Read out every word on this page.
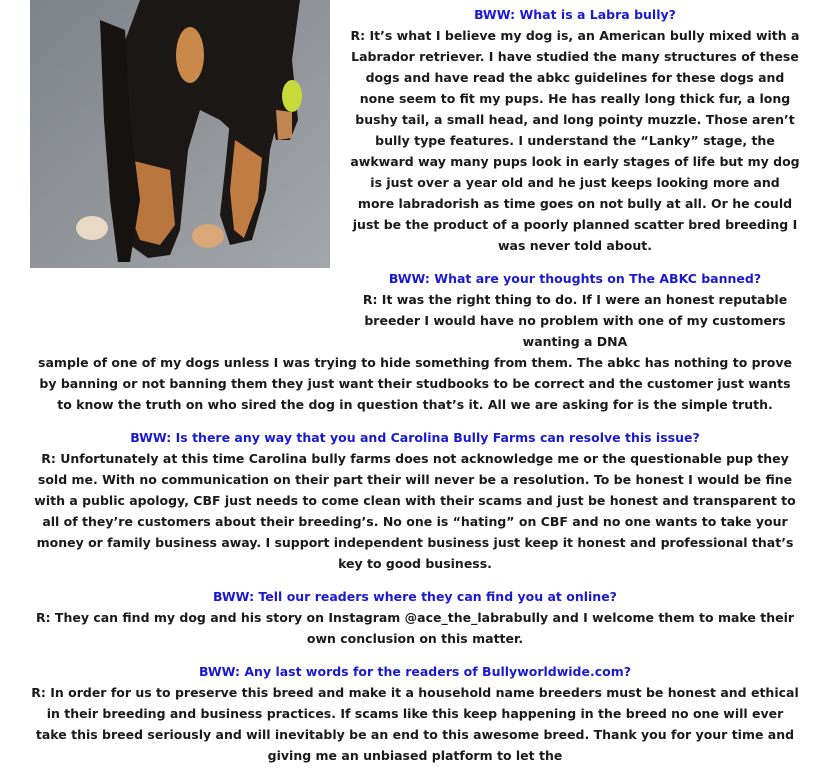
BWW: What is a Labra bully?

R: It’s what I believe my dog is, an American bully mixed with a Labrador retriever. I have studied the many structures of these dogs and have read the abkc guidelines for these dogs and none seem to fit my pups. He has really long thick fur, a long bushy tail, a small head, and long pointy muzzle. Those aren’t bully type features. I understand the “Lanky” stage, the awkward way many pups look in early stages of life but my dog is just over a year old and he just keeps looking more and more labradorish as time goes on not bully at all. Or he could just be the product of a poorly planned scatter bred breeding I was never told about.

BWW: What are your thoughts on The ABKC banned?

R: It was the right thing to do. If I were an honest reputable breeder I would have no problem with one of my customers wanting a DNA

sample of one of my dogs unless I was trying to hide something from them. The abkc has nothing to prove by banning or not banning them they just want their studbooks to be correct and the customer just wants to know the truth on who sired the dog in question that’s it. All we are asking for is the simple truth.

BWW: Is there any way that you and Carolina Bully Farms can resolve this issue?

R: Unfortunately at this time Carolina bully farms does not acknowledge me or the questionable pup they sold me. With no communication on their part their will never be a resolution. To be honest I would be fine with a public apology, CBF just needs to come clean with their scams and just be honest and transparent to all of they’re customers about their breeding’s. No one is “hating” on CBF and no one wants to take your money or family business away. I support independent business just keep it honest and professional that’s key to good business.

BWW: Tell our readers where they can find you at online?

R: They can find my dog and his story on Instagram @ace_the_labrabully and I welcome them to make their own conclusion on this matter.

BWW: Any last words for the readers of Bullyworldwide.com?

R: In order for us to preserve this breed and make it a household name breeders must be honest and ethical in their breeding and business practices. If scams like this keep happening in the breed no one will ever take this breed seriously and will inevitably be an end to this awesome breed. Thank you for your time and giving me an unbiased platform to let the
